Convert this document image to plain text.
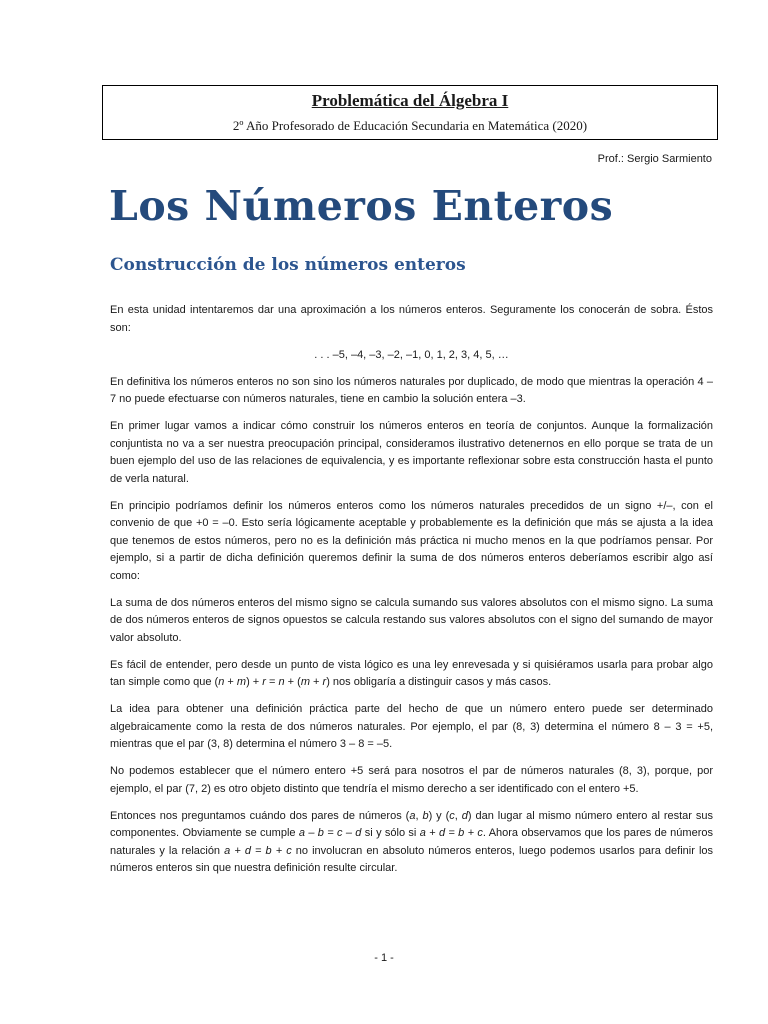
Problemática del Álgebra I
2º Año Profesorado de Educación Secundaria en Matemática (2020)
Prof.: Sergio Sarmiento
Los Números Enteros
Construcción de los números enteros

En esta unidad intentaremos dar una aproximación a los números enteros. Seguramente los conocerán de sobra. Éstos son:

. . . –5, –4, –3, –2, –1, 0, 1, 2, 3, 4, 5, …

En definitiva los números enteros no son sino los números naturales por duplicado, de modo que mientras la operación 4 – 7 no puede efectuarse con números naturales, tiene en cambio la solución entera –3.

En primer lugar vamos a indicar cómo construir los números enteros en teoría de conjuntos. Aunque la formalización conjuntista no va a ser nuestra preocupación principal, consideramos ilustrativo detenernos en ello porque se trata de un buen ejemplo del uso de las relaciones de equivalencia, y es importante reflexionar sobre esta construcción hasta el punto de verla natural.

En principio podríamos definir los números enteros como los números naturales precedidos de un signo +/–, con el convenio de que +0 = –0. Esto sería lógicamente aceptable y probablemente es la definición que más se ajusta a la idea que tenemos de estos números, pero no es la definición más práctica ni mucho menos en la que podríamos pensar. Por ejemplo, si a partir de dicha definición queremos definir la suma de dos números enteros deberíamos escribir algo así como:

La suma de dos números enteros del mismo signo se calcula sumando sus valores absolutos con el mismo signo. La suma de dos números enteros de signos opuestos se calcula restando sus valores absolutos con el signo del sumando de mayor valor absoluto.

Es fácil de entender, pero desde un punto de vista lógico es una ley enrevesada y si quisiéramos usarla para probar algo tan simple como que (n + m) + r = n + (m + r) nos obligaría a distinguir casos y más casos.

La idea para obtener una definición práctica parte del hecho de que un número entero puede ser determinado algebraicamente como la resta de dos números naturales. Por ejemplo, el par (8, 3) determina el número 8 – 3 = +5, mientras que el par (3, 8) determina el número 3 – 8 = –5.

No podemos establecer que el número entero +5 será para nosotros el par de números naturales (8, 3), porque, por ejemplo, el par (7, 2) es otro objeto distinto que tendría el mismo derecho a ser identificado con el entero +5.

Entonces nos preguntamos cuándo dos pares de números (a, b) y (c, d) dan lugar al mismo número entero al restar sus componentes. Obviamente se cumple a – b = c – d si y sólo si a + d = b + c. Ahora observamos que los pares de números naturales y la relación a + d = b + c no involucran en absoluto números enteros, luego podemos usarlos para definir los números enteros sin que nuestra definición resulte circular.

- 1 -
